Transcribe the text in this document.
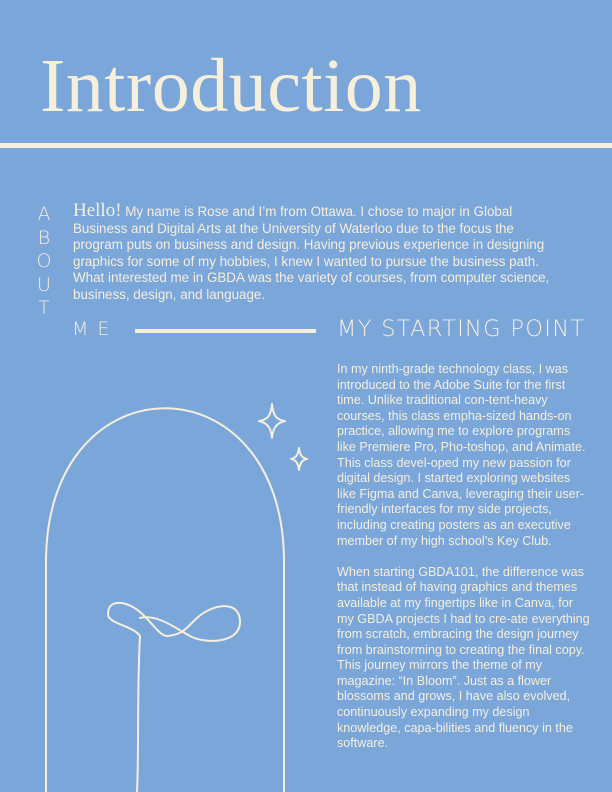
Introduction
A
B
O
U
T
ME

Hello! My name is Rose and I’m from Ottawa. I chose to major in Global Business and Digital Arts at the University of Waterloo due to the focus the program puts on business and design. Having previous experience in designing graphics for some of my hobbies, I knew I wanted to pursue the business path. What interested me in GBDA was the variety of courses, from computer science, business, design, and language.

MY STARTING POINT

In my ninth-grade technology class, I was introduced to the Adobe Suite for the first time. Unlike traditional con-tent-heavy courses, this class empha-sized hands-on practice, allowing me to explore programs like Premiere Pro, Pho-toshop, and Animate. This class devel-oped my new passion for digital design. I started exploring websites like Figma and Canva, leveraging their user-friendly interfaces for my side projects, including creating posters as an executive member of my high school’s Key Club.

When starting GBDA101, the difference was that instead of having graphics and themes available at my fingertips like in Canva, for my GBDA projects I had to cre-ate everything from scratch, embracing the design journey from brainstorming to creating the final copy. This journey mirrors the theme of my magazine: “In Bloom”. Just as a flower blossoms and grows, I have also evolved, continuously expanding my design knowledge, capa-bilities and fluency in the software.
